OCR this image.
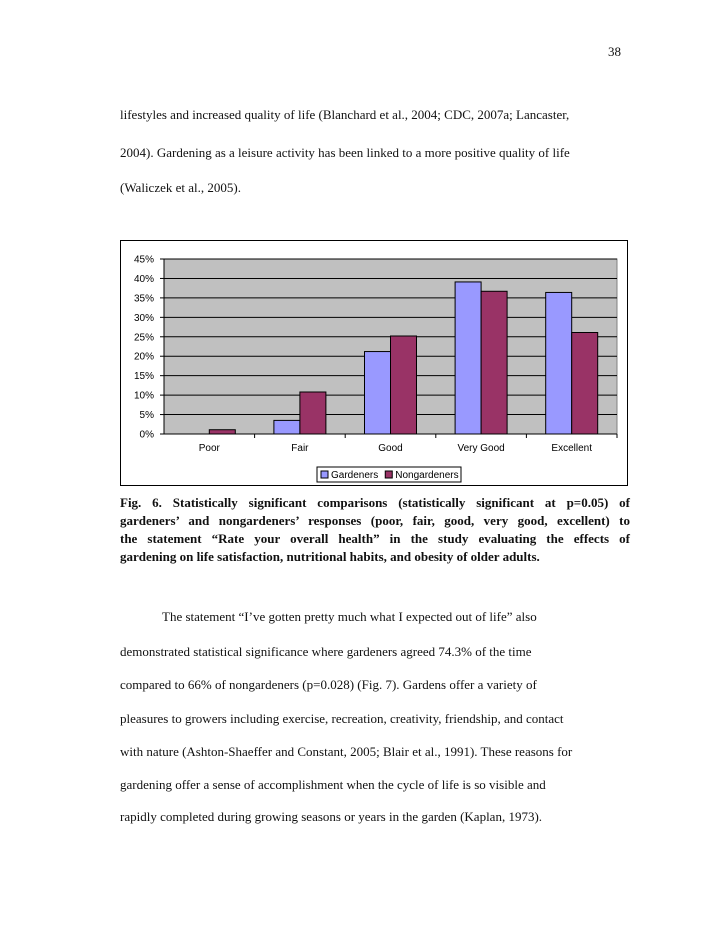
38
lifestyles and increased quality of life (Blanchard et al., 2004; CDC, 2007a; Lancaster,
2004). Gardening as a leisure activity has been linked to a more positive quality of life
(Waliczek et al., 2005).
0%
5%
10%
15%
20%
25%
30%
35%
40%
45%
Poor	Fair	Good	Very Good	Excellent
Gardeners Nongardeners
Fig. 6. Statistically significant comparisons (statistically significant at p=0.05) of
gardeners’ and nongardeners’ responses (poor, fair, good, very good, excellent) to
the statement “Rate your overall health” in the study evaluating the effects of
gardening on life satisfaction, nutritional habits, and obesity of older adults.
The statement “I’ve gotten pretty much what I expected out of life” also
demonstrated statistical significance where gardeners agreed 74.3% of the time
compared to 66% of nongardeners (p=0.028) (Fig. 7). Gardens offer a variety of
pleasures to growers including exercise, recreation, creativity, friendship, and contact
with nature (Ashton-Shaeffer and Constant, 2005; Blair et al., 1991). These reasons for
gardening offer a sense of accomplishment when the cycle of life is so visible and
rapidly completed during growing seasons or years in the garden (Kaplan, 1973).
